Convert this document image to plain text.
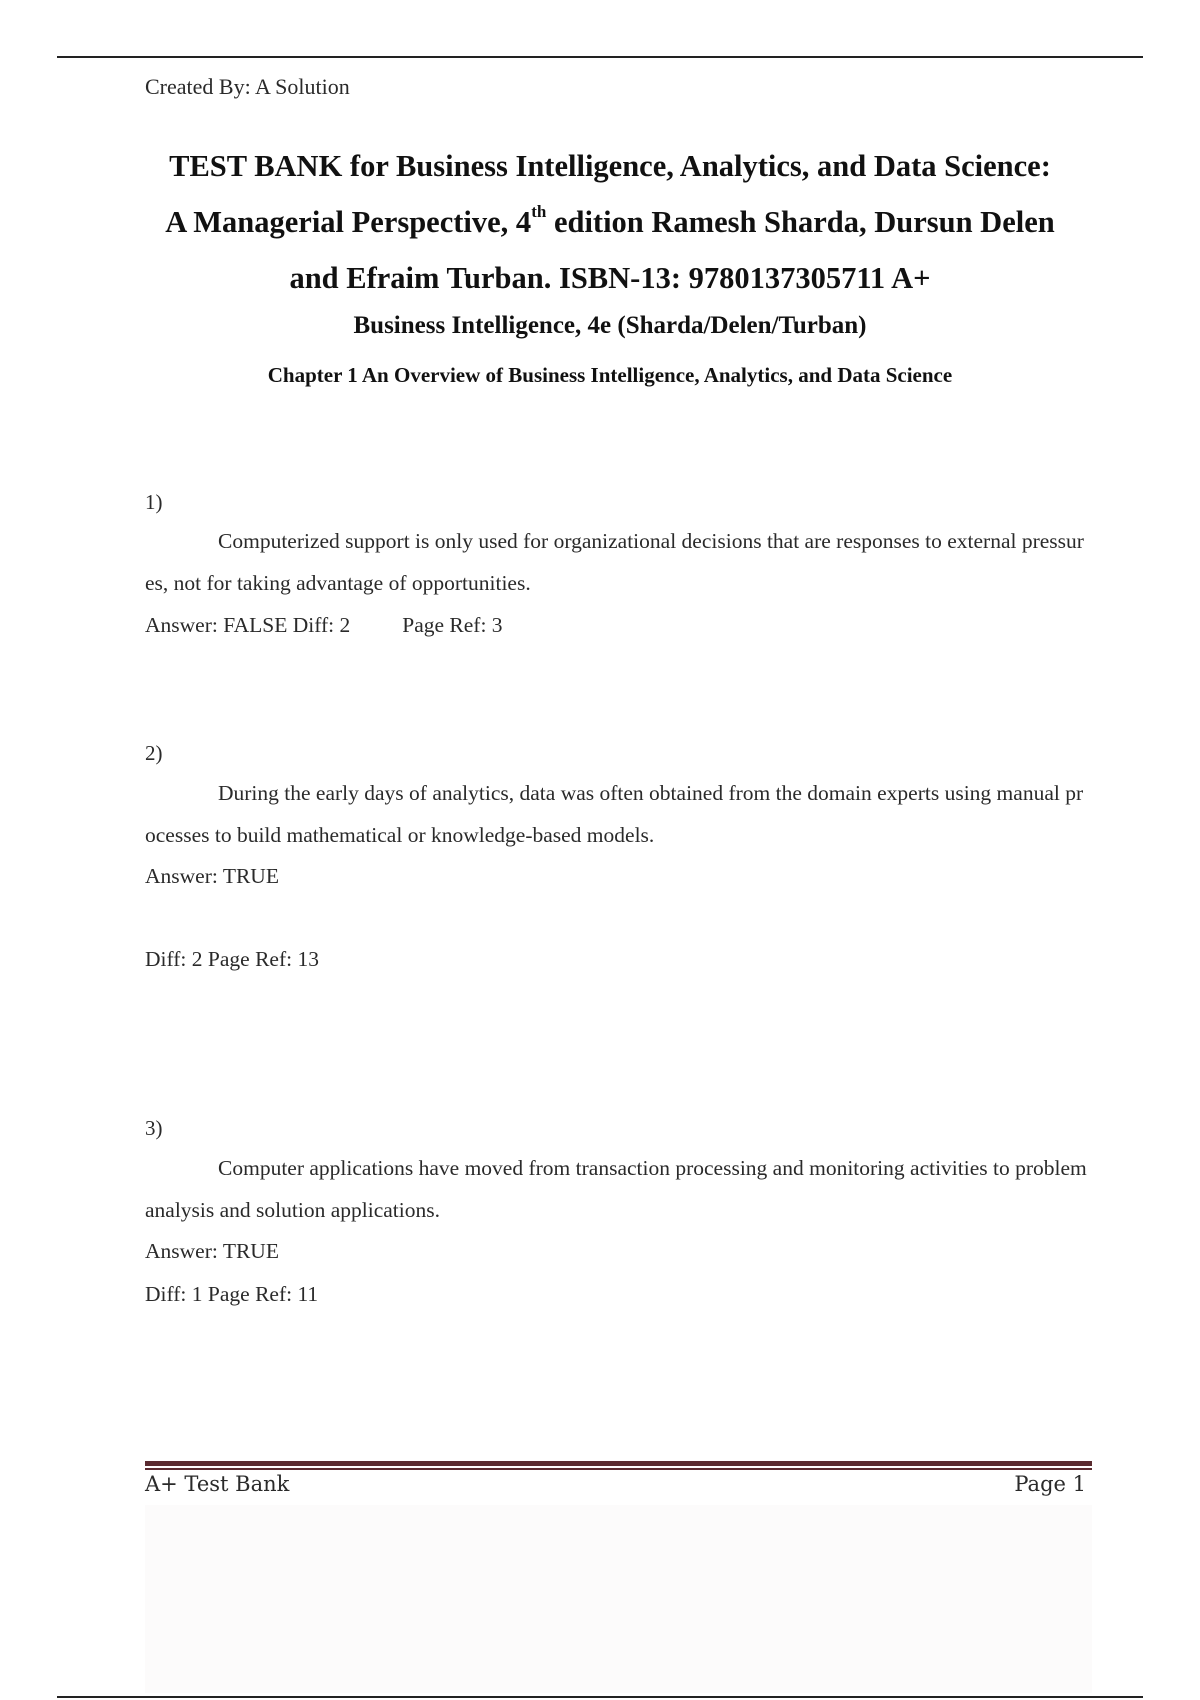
Created By: A Solution
TEST BANK for Business Intelligence, Analytics, and Data Science:
A Managerial Perspective, 4th edition Ramesh Sharda, Dursun Delen
and Efraim Turban. ISBN-13: 9780137305711 A+
Business Intelligence, 4e (Sharda/Delen/Turban)
Chapter 1 An Overview of Business Intelligence, Analytics, and Data Science
1)
Computerized support is only used for organizational decisions that are responses to external pressures, not for taking advantage of opportunities.
Answer: FALSE Diff: 2 Page Ref: 3
2)
During the early days of analytics, data was often obtained from the domain experts using manual processes to build mathematical or knowledge-based models.
Answer: TRUE
Diff: 2 Page Ref: 13
3)
Computer applications have moved from transaction processing and monitoring activities to problem analysis and solution applications.
Answer: TRUE
Diff: 1 Page Ref: 11
A+ Test Bank	Page 1
